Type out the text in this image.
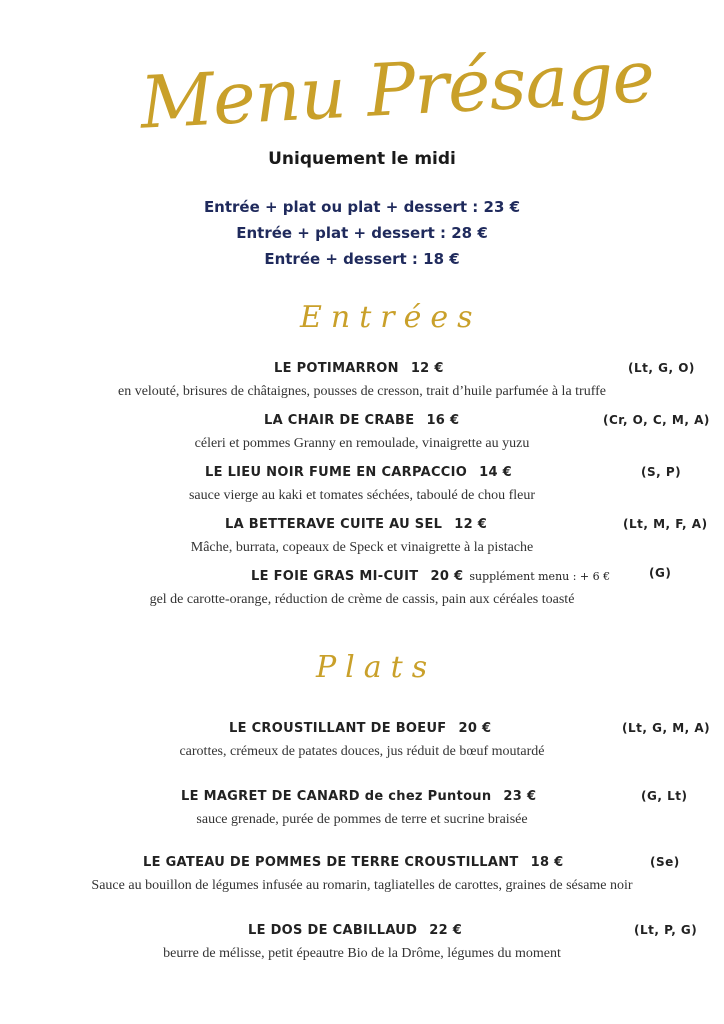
Menu Présage
Uniquement le midi
Entrée + plat ou plat + dessert : 23 €
Entrée + plat + dessert : 28 €
Entrée + dessert : 18 €
Entrées
LE POTIMARRON 12 €	(Lt, G, O)
en velouté, brisures de châtaignes, pousses de cresson, trait d’huile parfumée à la truffe
LA CHAIR DE CRABE 16 €	(Cr, O, C, M, A)
céleri et pommes Granny en remoulade, vinaigrette au yuzu
LE LIEU NOIR FUME EN CARPACCIO 14 €	(S, P)
sauce vierge au kaki et tomates séchées, taboulé de chou fleur
LA BETTERAVE CUITE AU SEL 12 €	(Lt, M, F, A)
Mâche, burrata, copeaux de Speck et vinaigrette à la pistache
LE FOIE GRAS MI-CUIT 20 € supplément menu : + 6 €	(G)
gel de carotte-orange, réduction de crème de cassis, pain aux céréales toasté
Plats
LE CROUSTILLANT DE BOEUF 20 €	(Lt, G, M, A)
carottes, crémeux de patates douces, jus réduit de bœuf moutardé
LE MAGRET DE CANARD de chez Puntoun 23 €	(G, Lt)
sauce grenade, purée de pommes de terre et sucrine braisée
LE GATEAU DE POMMES DE TERRE CROUSTILLANT 18 €	(Se)
Sauce au bouillon de légumes infusée au romarin, tagliatelles de carottes, graines de sésame noir
LE DOS DE CABILLAUD 22 €	(Lt, P, G)
beurre de mélisse, petit épeautre Bio de la Drôme, légumes du moment
